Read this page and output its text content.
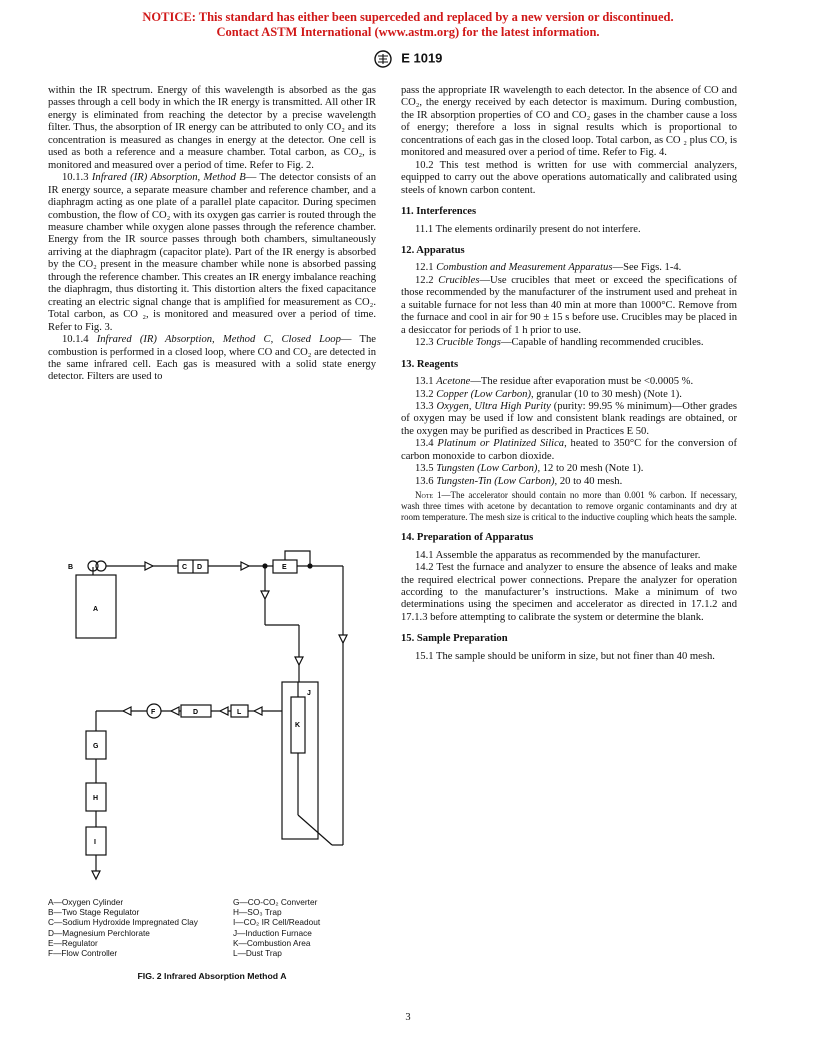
NOTICE: This standard has either been superceded and replaced by a new version or discontinued.
Contact ASTM International (www.astm.org) for the latest information.
E 1019

within the IR spectrum. Energy of this wavelength is absorbed as the gas passes through a cell body in which the IR energy is transmitted. All other IR energy is eliminated from reaching the detector by a precise wavelength filter. Thus, the absorption of IR energy can be attributed to only CO₂ and its concentration is measured as changes in energy at the detector. One cell is used as both a reference and a measure chamber. Total carbon, as CO₂, is monitored and measured over a period of time. Refer to Fig. 2.

10.1.3 Infrared (IR) Absorption, Method B— The detector consists of an IR energy source, a separate measure chamber and reference chamber, and a diaphragm acting as one plate of a parallel plate capacitor. During specimen combustion, the flow of CO₂ with its oxygen gas carrier is routed through the measure chamber while oxygen alone passes through the reference chamber. Energy from the IR source passes through both chambers, simultaneously arriving at the diaphragm (capacitor plate). Part of the IR energy is absorbed by the CO₂ present in the measure chamber while none is absorbed passing through the reference chamber. This creates an IR energy imbalance reaching the diaphragm, thus distorting it. This distortion alters the fixed capacitance creating an electric signal change that is amplified for measurement as CO₂. Total carbon, as CO ₂, is monitored and measured over a period of time. Refer to Fig. 3.

10.1.4 Infrared (IR) Absorption, Method C, Closed Loop— The combustion is performed in a closed loop, where CO and CO₂ are detected in the same infrared cell. Each gas is measured with a solid state energy detector. Filters are used to

B
A
C D	E
J
K
L
D
F
G
H
I
A—Oxygen Cylinder
B—Two Stage Regulator
C—Sodium Hydroxide Impregnated Clay
D—Magnesium Perchlorate
E—Regulator
F—Flow Controller
G—CO-CO₂ Converter
H—SO₃ Trap
I—CO₂ IR Cell/Readout
J—Induction Furnace
K—Combustion Area
L—Dust Trap
FIG. 2 Infrared Absorption Method A

pass the appropriate IR wavelength to each detector. In the absence of CO and CO₂, the energy received by each detector is maximum. During combustion, the IR absorption properties of CO and CO₂ gases in the chamber cause a loss of energy; therefore a loss in signal results which is proportional to concentrations of each gas in the closed loop. Total carbon, as CO ₂ plus CO, is monitored and measured over a period of time. Refer to Fig. 4.

10.2 This test method is written for use with commercial analyzers, equipped to carry out the above operations automatically and calibrated using steels of known carbon content.

11. Interferences

11.1 The elements ordinarily present do not interfere.

12. Apparatus

12.1 Combustion and Measurement Apparatus—See Figs. 1-4.

12.2 Crucibles—Use crucibles that meet or exceed the specifications of those recommended by the manufacturer of the instrument used and preheat in a suitable furnace for not less than 40 min at more than 1000°C. Remove from the furnace and cool in air for 90 ± 15 s before use. Crucibles may be placed in a desiccator for periods of 1 h prior to use.

12.3 Crucible Tongs—Capable of handling recommended crucibles.

13. Reagents

13.1 Acetone—The residue after evaporation must be <0.0005 %.

13.2 Copper (Low Carbon), granular (10 to 30 mesh) (Note 1).

13.3 Oxygen, Ultra High Purity (purity: 99.95 % minimum)—Other grades of oxygen may be used if low and consistent blank readings are obtained, or the oxygen may be purified as described in Practices E 50.

13.4 Platinum or Platinized Silica, heated to 350°C for the conversion of carbon monoxide to carbon dioxide.

13.5 Tungsten (Low Carbon), 12 to 20 mesh (Note 1).

13.6 Tungsten-Tin (Low Carbon), 20 to 40 mesh.

Note 1—The accelerator should contain no more than 0.001 % carbon. If necessary, wash three times with acetone by decantation to remove organic contaminants and dry at room temperature. The mesh size is critical to the inductive coupling which heats the sample.

14. Preparation of Apparatus

14.1 Assemble the apparatus as recommended by the manufacturer.

14.2 Test the furnace and analyzer to ensure the absence of leaks and make the required electrical power connections. Prepare the analyzer for operation according to the manufacturer’s instructions. Make a minimum of two determinations using the specimen and accelerator as directed in 17.1.2 and 17.1.3 before attempting to calibrate the system or determine the blank.

15. Sample Preparation

15.1 The sample should be uniform in size, but not finer than 40 mesh.

3
